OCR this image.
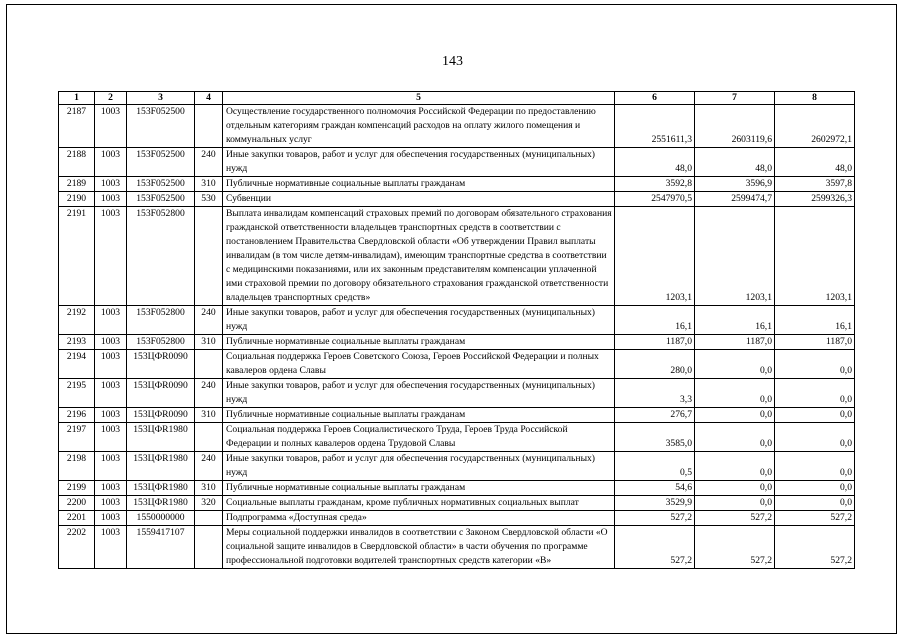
143
1	2	3	4	5	6	7	8
2187	1003	153F052500		Осуществление государственного полномочия Российской Федерации по предоставлению отдельным категориям граждан компенсаций расходов на оплату жилого помещения и коммунальных услуг	2551611,3	2603119,6	2602972,1
2188	1003	153F052500	240	Иные закупки товаров, работ и услуг для обеспечения государственных (муниципальных) нужд	48,0	48,0	48,0
2189	1003	153F052500	310	Публичные нормативные социальные выплаты гражданам	3592,8	3596,9	3597,8
2190	1003	153F052500	530	Субвенции	2547970,5	2599474,7	2599326,3
2191	1003	153F052800		Выплата инвалидам компенсаций страховых премий по договорам обязательного страхования гражданской ответственности владельцев транспортных средств в соответствии с постановлением Правительства Свердловской области «Об утверждении Правил выплаты инвалидам (в том числе детям-инвалидам), имеющим транспортные средства в соответствии с медицинскими показаниями, или их законным представителям компенсации уплаченной ими страховой премии по договору обязательного страхования гражданской ответственности владельцев транспортных средств»	1203,1	1203,1	1203,1
2192	1003	153F052800	240	Иные закупки товаров, работ и услуг для обеспечения государственных (муниципальных) нужд	16,1	16,1	16,1
2193	1003	153F052800	310	Публичные нормативные социальные выплаты гражданам	1187,0	1187,0	1187,0
2194	1003	153ЦФR0090		Социальная поддержка Героев Советского Союза, Героев Российской Федерации и полных кавалеров ордена Славы	280,0	0,0	0,0
2195	1003	153ЦФR0090	240	Иные закупки товаров, работ и услуг для обеспечения государственных (муниципальных) нужд	3,3	0,0	0,0
2196	1003	153ЦФR0090	310	Публичные нормативные социальные выплаты гражданам	276,7	0,0	0,0
2197	1003	153ЦФR1980		Социальная поддержка Героев Социалистического Труда, Героев Труда Российской Федерации и полных кавалеров ордена Трудовой Славы	3585,0	0,0	0,0
2198	1003	153ЦФR1980	240	Иные закупки товаров, работ и услуг для обеспечения государственных (муниципальных) нужд	0,5	0,0	0,0
2199	1003	153ЦФR1980	310	Публичные нормативные социальные выплаты гражданам	54,6	0,0	0,0
2200	1003	153ЦФR1980	320	Социальные выплаты гражданам, кроме публичных нормативных социальных выплат	3529,9	0,0	0,0
2201	1003	1550000000		Подпрограмма «Доступная среда»	527,2	527,2	527,2
2202	1003	1559417107		Меры социальной поддержки инвалидов в соответствии с Законом Свердловской области «О социальной защите инвалидов в Свердловской области» в части обучения по программе профессиональной подготовки водителей транспортных средств категории «В»	527,2	527,2	527,2
